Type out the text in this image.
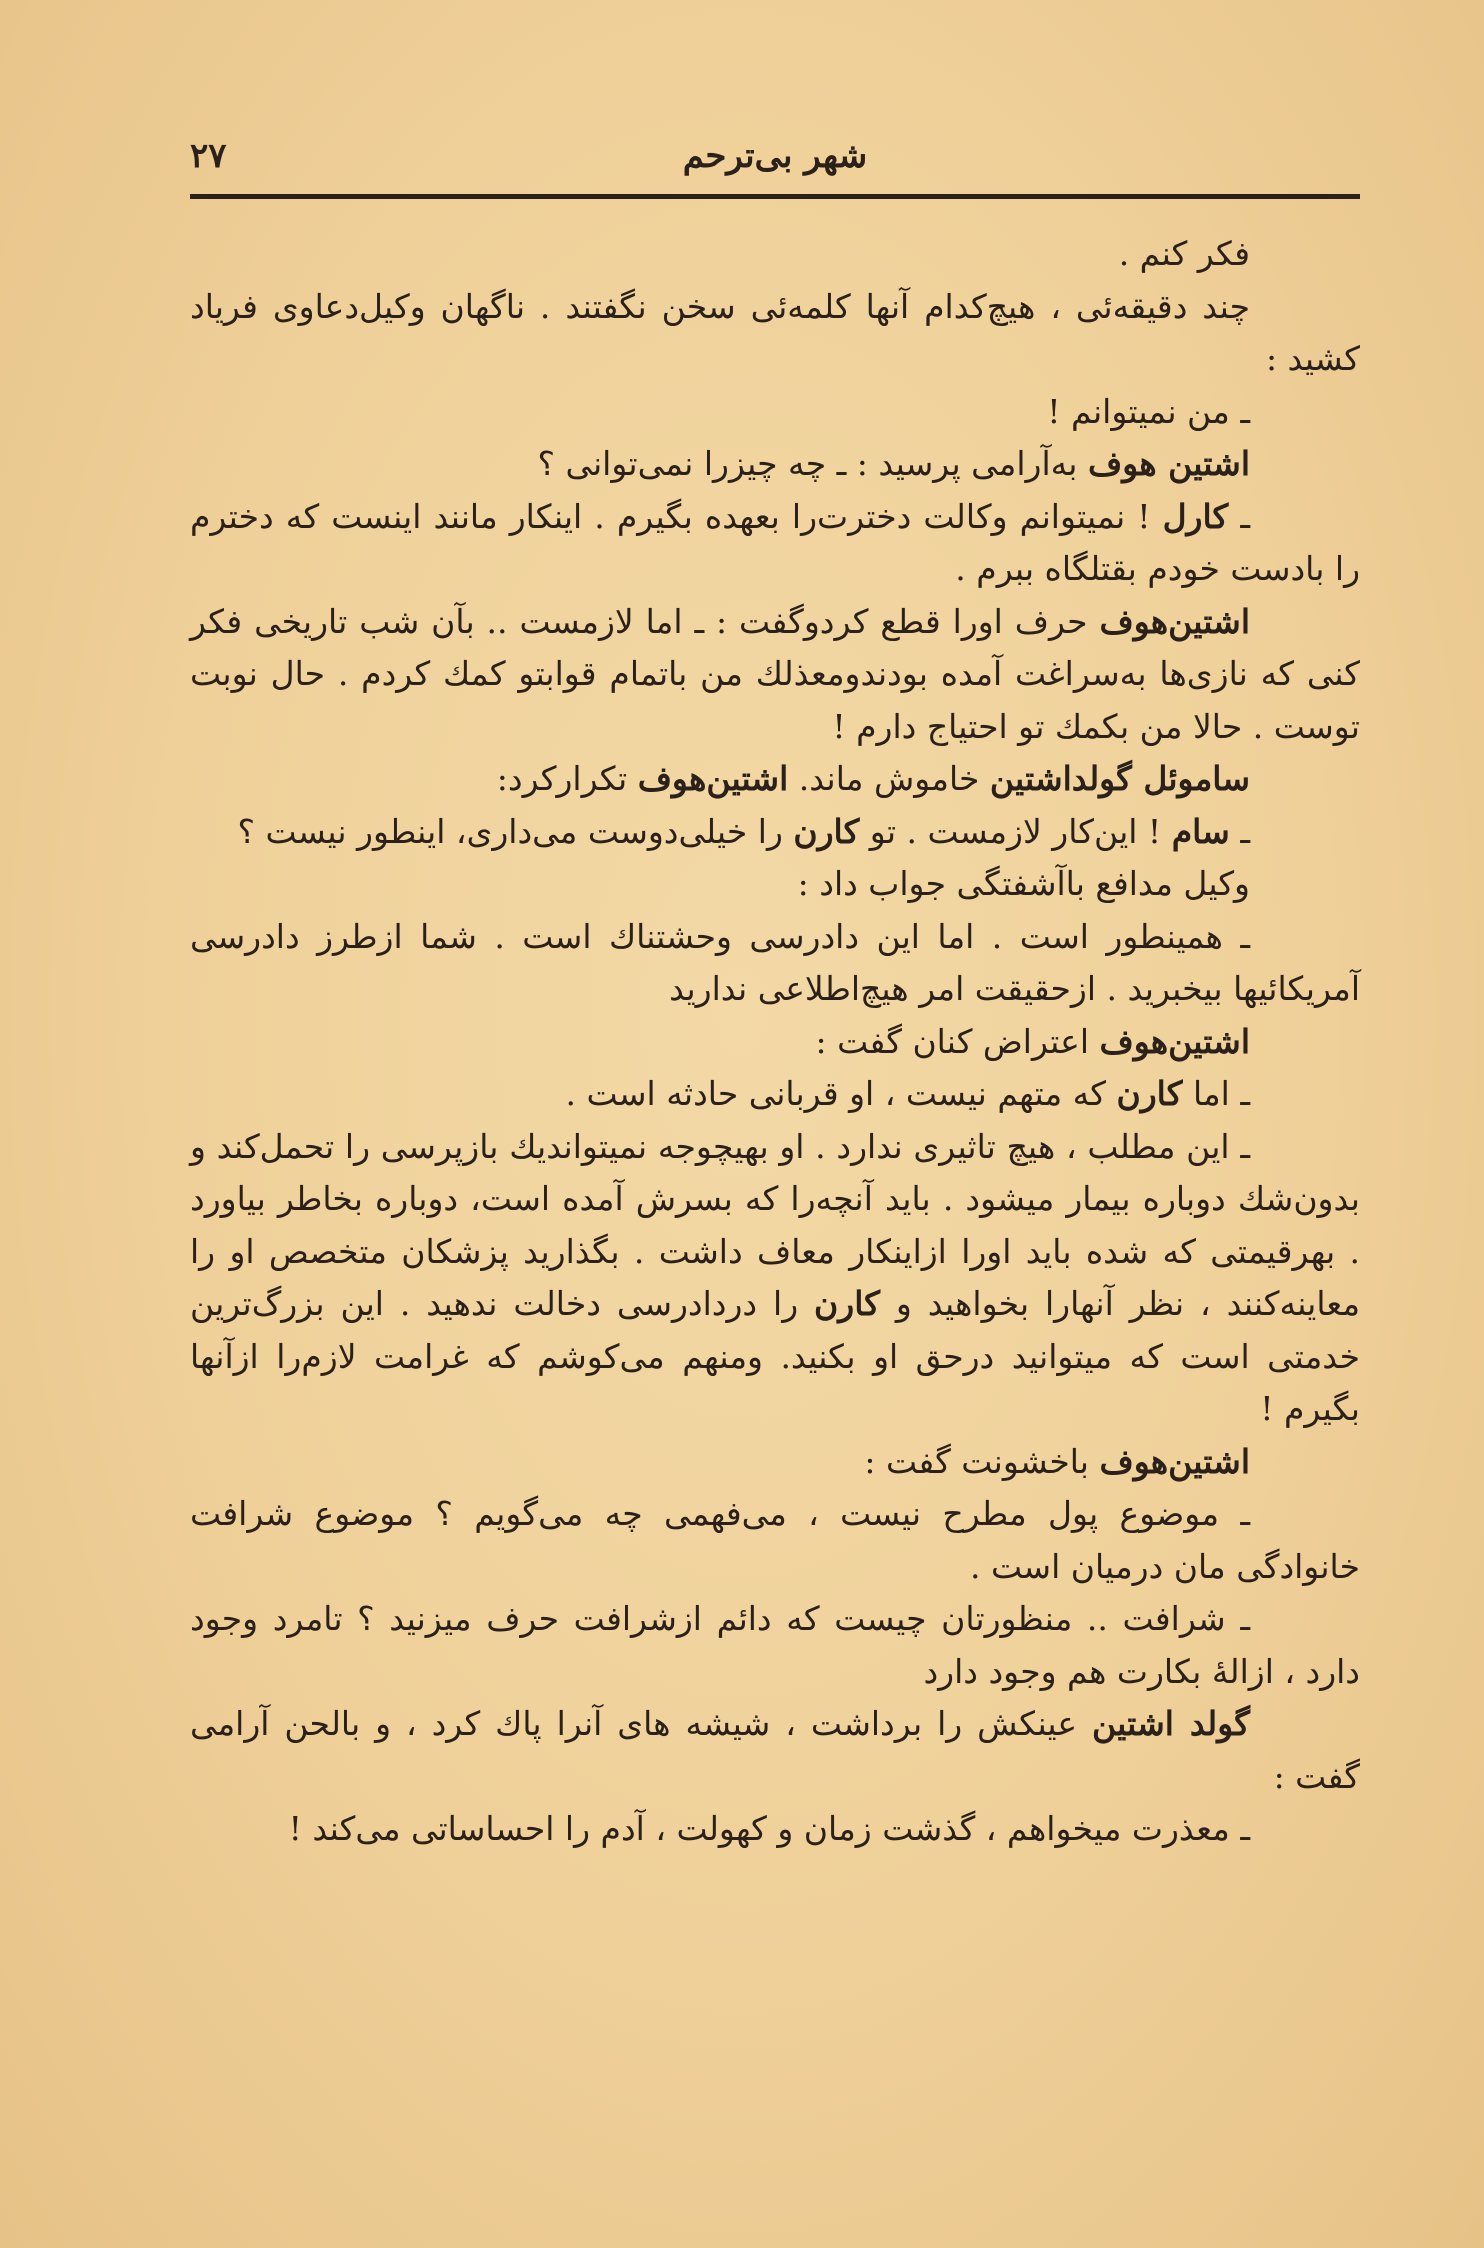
۲۷	شهر بی‌ترحم

فکر کنم .

چند دقیقه‌ئی ، هیچ‌کدام آنها کلمه‌ئی سخن نگفتند . ناگهان وکیل‌دعاوی فریاد کشید :

ـ من نمیتوانم !

اشتین هوف به‌آرامی پرسید : ـ چه چیزرا نمی‌توانی ؟

ـ کارل ! نمیتوانم وکالت دخترت‌را بعهده بگیرم . اینکار مانند اینست که دخترم را بادست خودم بقتلگاه ببرم .

اشتین‌هوف حرف اورا قطع کردوگفت : ـ اما لازمست .. بآن شب تاریخی فکر کنی که نازی‌ها به‌سراغت آمده بودندومعذلك من باتمام قوابتو کمك کردم . حال نوبت توست . حالا من بکمك تو احتیاج دارم !

ساموئل گولداشتین خاموش ماند. اشتین‌هوف تکرارکرد:

ـ سام ! این‌کار لازمست . تو کارن را خیلی‌دوست می‌داری، اینطور نیست ؟

وکیل مدافع باآشفتگی جواب داد :

ـ همینطور است . اما این دادرسی وحشتناك است . شما ازطرز دادرسی آمریکائیها بیخبرید . ازحقیقت امر هیچ‌اطلاعی ندارید

اشتین‌هوف اعتراض کنان گفت :

ـ اما کارن که متهم نیست ، او قربانی حادثه است .

ـ این مطلب ، هیچ تاثیری ندارد . او بهیچوجه نمیتواندیك بازپرسی را تحمل‌کند و بدون‌شك دوباره بیمار میشود . باید آنچه‌را که بسرش آمده است، دوباره بخاطر بیاورد . بهرقیمتی که شده باید اورا ازاینکار معاف داشت . بگذارید پزشکان متخصص او را معاینه‌کنند ، نظر آنهارا بخواهید و کارن را دردادرسی دخالت ندهید . این بزرگ‌ترین خدمتی است که میتوانید درحق او بکنید. ومنهم می‌کوشم که غرامت لازم‌را ازآنها بگیرم !

اشتین‌هوف باخشونت گفت :

ـ موضوع پول مطرح نیست ، می‌فهمی چه می‌گویم ؟ موضوع شرافت خانوادگی مان درمیان است .

ـ شرافت .. منظورتان چیست که دائم ازشرافت حرف میزنید ؟ تامرد وجود دارد ، ازالهٔ بکارت هم وجود دارد

گولد اشتین عینکش را برداشت ، شیشه های آنرا پاك کرد ، و بالحن آرامی گفت :

ـ معذرت میخواهم ، گذشت زمان و کهولت ، آدم را احساساتی می‌کند !
